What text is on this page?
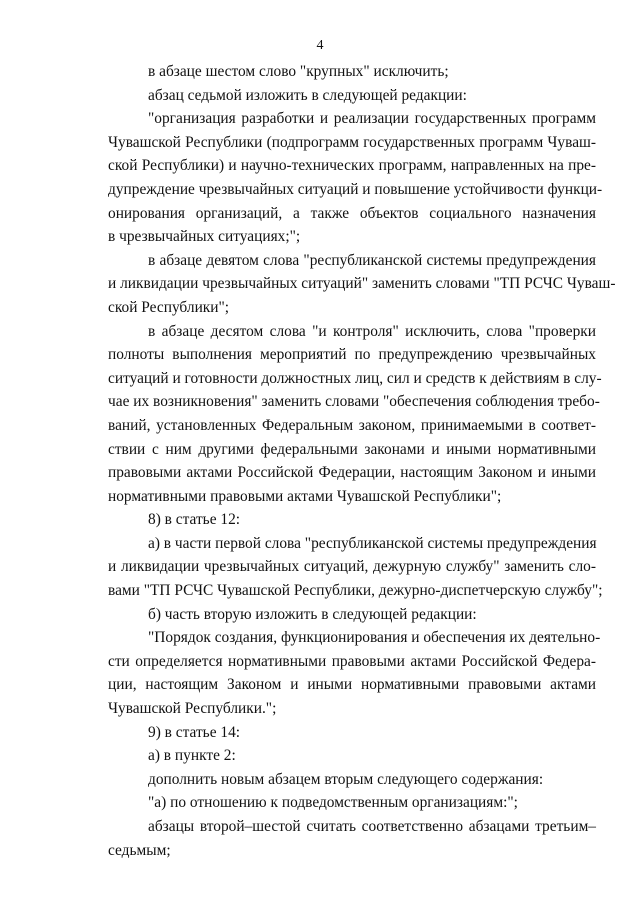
4
в абзаце шестом слово "крупных" исключить;
абзац седьмой изложить в следующей редакции:
"организация разработки и реализации государственных программ
Чувашской Республики (подпрограмм государственных программ Чуваш-
ской Республики) и научно-технических программ, направленных на пре-
дупреждение чрезвычайных ситуаций и повышение устойчивости функци-
онирования организаций, а также объектов социального назначения
в чрезвычайных ситуациях;";
в абзаце девятом слова "республиканской системы предупреждения
и ликвидации чрезвычайных ситуаций" заменить словами "ТП РСЧС Чуваш-
ской Республики";
в абзаце десятом слова "и контроля" исключить, слова "проверки
полноты выполнения мероприятий по предупреждению чрезвычайных
ситуаций и готовности должностных лиц, сил и средств к действиям в слу-
чае их возникновения" заменить словами "обеспечения соблюдения требо-
ваний, установленных Федеральным законом, принимаемыми в соответ-
ствии с ним другими федеральными законами и иными нормативными
правовыми актами Российской Федерации, настоящим Законом и иными
нормативными правовыми актами Чувашской Республики";
8) в статье 12:
а) в части первой слова "республиканской системы предупреждения
и ликвидации чрезвычайных ситуаций, дежурную службу" заменить сло-
вами "ТП РСЧС Чувашской Республики, дежурно-диспетчерскую службу";
б) часть вторую изложить в следующей редакции:
"Порядок создания, функционирования и обеспечения их деятельно-
сти определяется нормативными правовыми актами Российской Федера-
ции, настоящим Законом и иными нормативными правовыми актами
Чувашской Республики.";
9) в статье 14:
а) в пункте 2:
дополнить новым абзацем вторым следующего содержания:
"а) по отношению к подведомственным организациям:";
абзацы второй–шестой считать соответственно абзацами третьим–
седьмым;
